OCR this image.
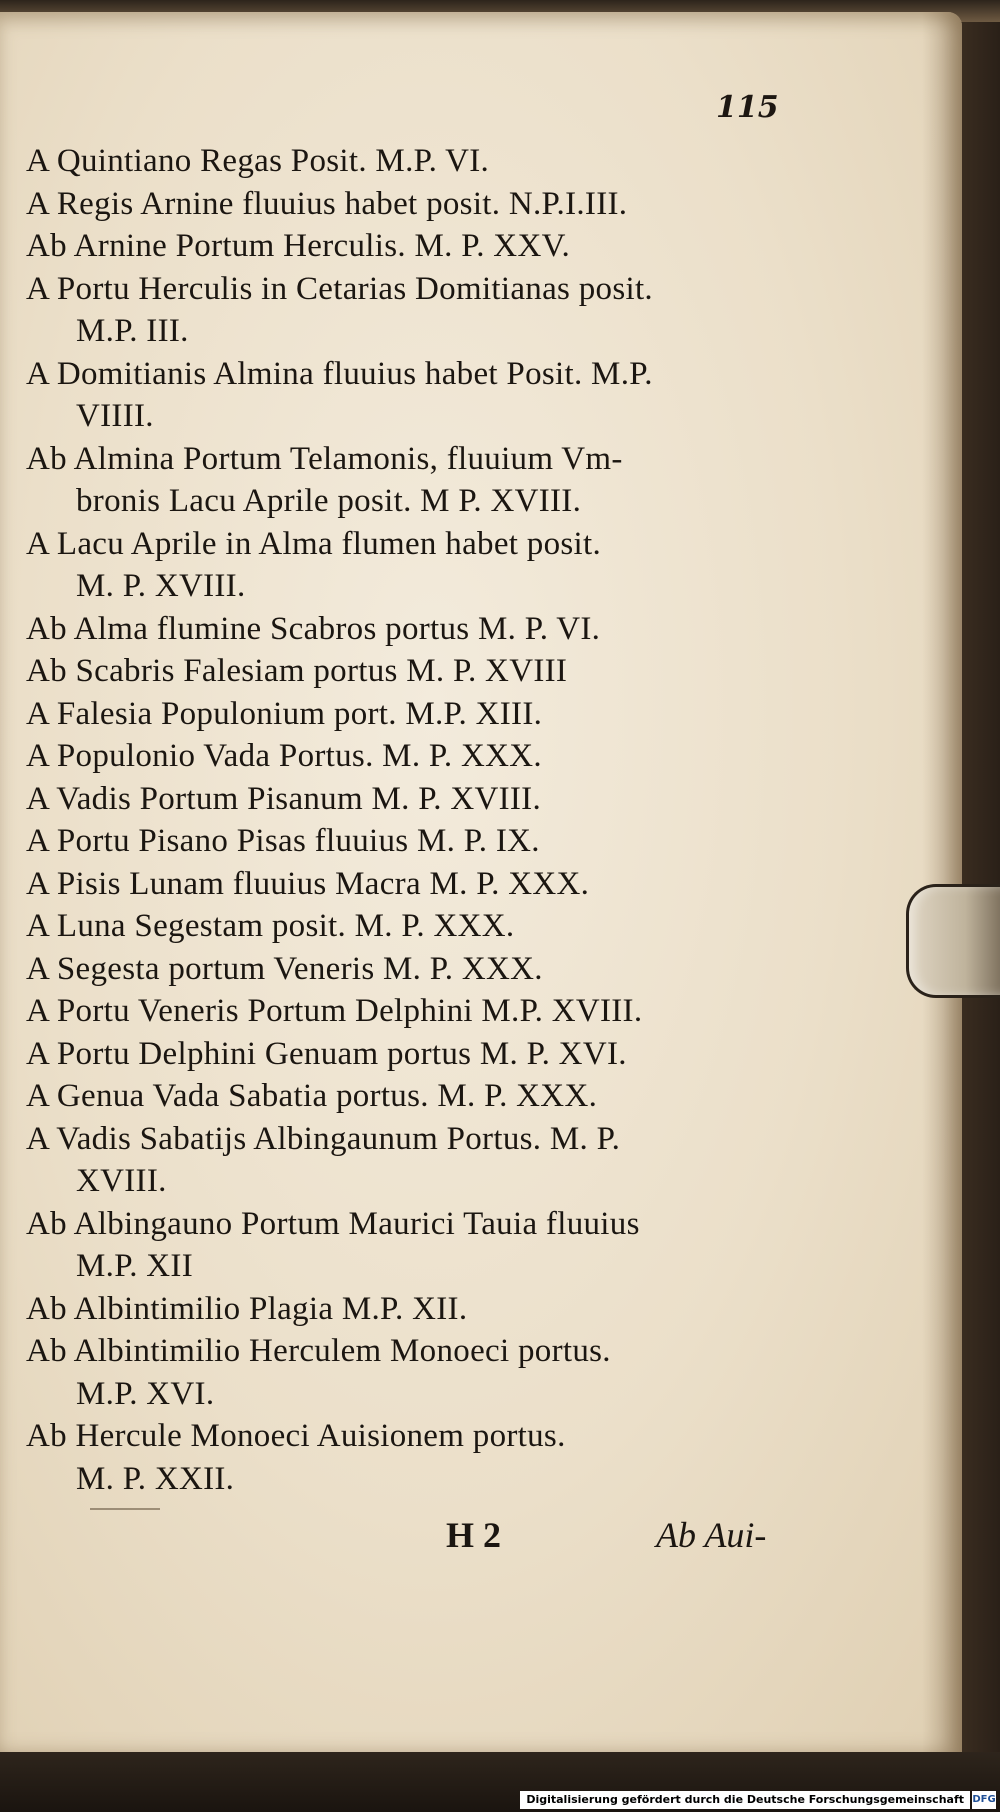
115
A Quintiano Regas Posit. M.P. VI.
A Regis Arnine fluuius habet posit. N.P.I.III.
Ab Arnine Portum Herculis. M. P. XXV.
A Portu Herculis in Cetarias Domitianas posit.
M.P. III.
A Domitianis Almina fluuius habet Posit. M.P.
VIIII.
Ab Almina Portum Telamonis, fluuium Vm-
bronis Lacu Aprile posit. M P. XVIII.
A Lacu Aprile in Alma flumen habet posit.
M. P. XVIII.
Ab Alma flumine Scabros portus M. P. VI.
Ab Scabris Falesiam portus M. P. XVIII
A Falesia Populonium port. M.P. XIII.
A Populonio Vada Portus. M. P. XXX.
A Vadis Portum Pisanum M. P. XVIII.
A Portu Pisano Pisas fluuius M. P. IX.
A Pisis Lunam fluuius Macra M. P. XXX.
A Luna Segestam posit. M. P. XXX.
A Segesta portum Veneris M. P. XXX.
A Portu Veneris Portum Delphini M.P. XVIII.
A Portu Delphini Genuam portus M. P. XVI.
A Genua Vada Sabatia portus. M. P. XXX.
A Vadis Sabatijs Albingaunum Portus. M. P.
XVIII.
Ab Albingauno Portum Maurici Tauia fluuius
M.P. XII
Ab Albintimilio Plagia M.P. XII.
Ab Albintimilio Herculem Monoeci portus.
M.P. XVI.
Ab Hercule Monoeci Auisionem portus.
M. P. XXII.
H 2	Ab Aui-
Digitalisierung gefördert durch die Deutsche Forschungsgemeinschaft DFG
